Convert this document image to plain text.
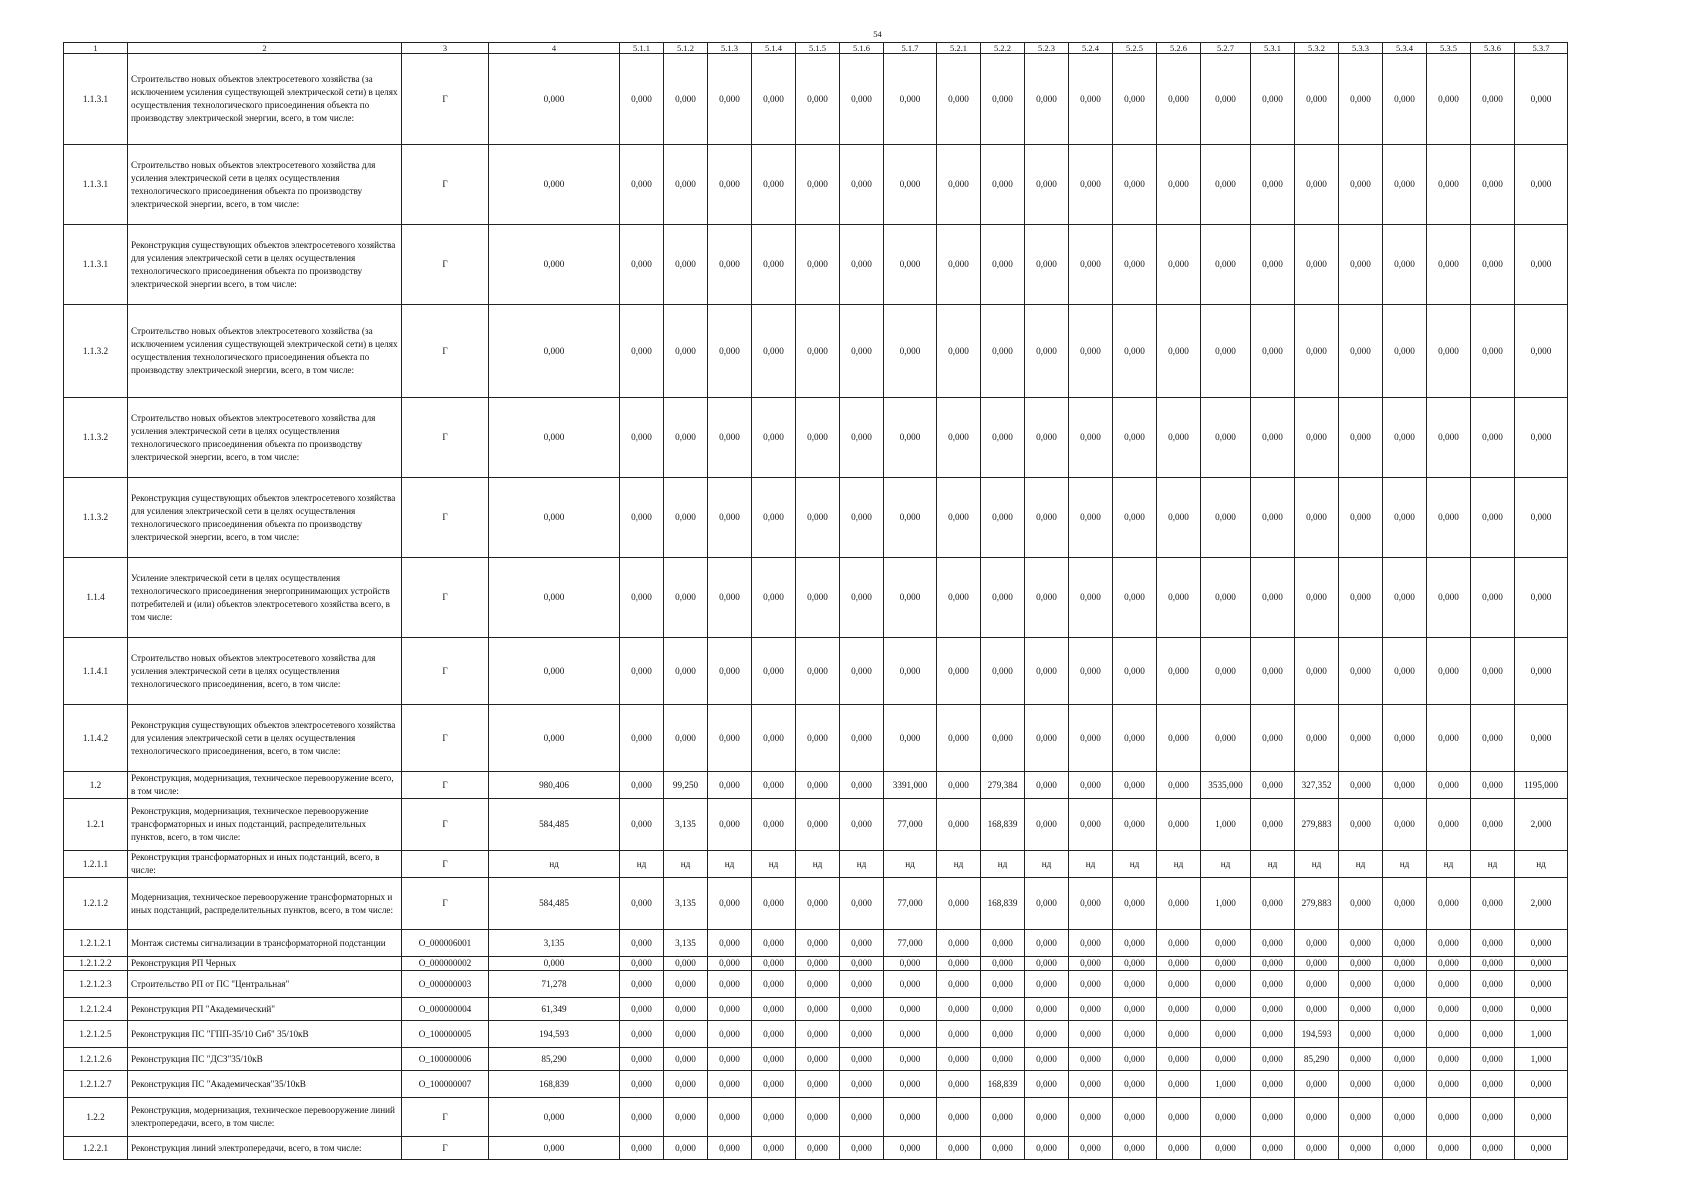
54
1	2	3	4	5.1.1	5.1.2	5.1.3	5.1.4	5.1.5	5.1.6	5.1.7	5.2.1	5.2.2	5.2.3	5.2.4	5.2.5	5.2.6	5.2.7	5.3.1	5.3.2	5.3.3	5.3.4	5.3.5	5.3.6	5.3.7
1.1.3.1	Строительство новых объектов электросетевого хозяйства (за исключением усиления существующей электрической сети) в целях осуществления технологического присоединения объекта по производству электрической энергии, всего, в том числе:	Г	0,000	0,000	0,000	0,000	0,000	0,000	0,000	0,000	0,000	0,000	0,000	0,000	0,000	0,000	0,000	0,000	0,000	0,000	0,000	0,000	0,000	0,000
1.1.3.1	Строительство новых объектов электросетевого хозяйства для усиления электрической сети в целях осуществления технологического присоединения объекта по производству электрической энергии, всего, в том числе:	Г	0,000	0,000	0,000	0,000	0,000	0,000	0,000	0,000	0,000	0,000	0,000	0,000	0,000	0,000	0,000	0,000	0,000	0,000	0,000	0,000	0,000	0,000
1.1.3.1	Реконструкция существующих объектов электросетевого хозяйства для усиления электрической сети в целях осуществления технологического присоединения объекта по производству электрической энергии всего, в том числе:	Г	0,000	0,000	0,000	0,000	0,000	0,000	0,000	0,000	0,000	0,000	0,000	0,000	0,000	0,000	0,000	0,000	0,000	0,000	0,000	0,000	0,000	0,000
1.1.3.2	Строительство новых объектов электросетевого хозяйства (за исключением усиления существующей электрической сети) в целях осуществления технологического присоединения объекта по производству электрической энергии, всего, в том числе:	Г	0,000	0,000	0,000	0,000	0,000	0,000	0,000	0,000	0,000	0,000	0,000	0,000	0,000	0,000	0,000	0,000	0,000	0,000	0,000	0,000	0,000	0,000
1.1.3.2	Строительство новых объектов электросетевого хозяйства для усиления электрической сети в целях осуществления технологического присоединения объекта по производству электрической энергии, всего, в том числе:	Г	0,000	0,000	0,000	0,000	0,000	0,000	0,000	0,000	0,000	0,000	0,000	0,000	0,000	0,000	0,000	0,000	0,000	0,000	0,000	0,000	0,000	0,000
1.1.3.2	Реконструкция существующих объектов электросетевого хозяйства для усиления электрической сети в целях осуществления технологического присоединения объекта по производству электрической энергии, всего, в том числе:	Г	0,000	0,000	0,000	0,000	0,000	0,000	0,000	0,000	0,000	0,000	0,000	0,000	0,000	0,000	0,000	0,000	0,000	0,000	0,000	0,000	0,000	0,000
1.1.4	Усиление электрической сети в целях осуществления технологического присоединения энергопринимающих устройств потребителей и (или) объектов электросетевого хозяйства всего, в том числе:	Г	0,000	0,000	0,000	0,000	0,000	0,000	0,000	0,000	0,000	0,000	0,000	0,000	0,000	0,000	0,000	0,000	0,000	0,000	0,000	0,000	0,000	0,000
1.1.4.1	Строительство новых объектов электросетевого хозяйства для усиления электрической сети в целях осуществления технологического присоединения, всего, в том числе:	Г	0,000	0,000	0,000	0,000	0,000	0,000	0,000	0,000	0,000	0,000	0,000	0,000	0,000	0,000	0,000	0,000	0,000	0,000	0,000	0,000	0,000	0,000
1.1.4.2	Реконструкция существующих объектов электросетевого хозяйства для усиления электрической сети в целях осуществления технологического присоединения, всего, в том числе:	Г	0,000	0,000	0,000	0,000	0,000	0,000	0,000	0,000	0,000	0,000	0,000	0,000	0,000	0,000	0,000	0,000	0,000	0,000	0,000	0,000	0,000	0,000
1.2	Реконструкция, модернизация, техническое перевооружение всего, в том числе:	Г	980,406	0,000	99,250	0,000	0,000	0,000	0,000	3391,000	0,000	279,384	0,000	0,000	0,000	0,000	3535,000	0,000	327,352	0,000	0,000	0,000	0,000	1195,000
1.2.1	Реконструкция, модернизация, техническое перевооружение трансформаторных и иных подстанций, распределительных пунктов, всего, в том числе:	Г	584,485	0,000	3,135	0,000	0,000	0,000	0,000	77,000	0,000	168,839	0,000	0,000	0,000	0,000	1,000	0,000	279,883	0,000	0,000	0,000	0,000	2,000
1.2.1.1	Реконструкция трансформаторных и иных подстанций, всего, в числе:	Г	нд	нд	нд	нд	нд	нд	нд	нд	нд	нд	нд	нд	нд	нд	нд	нд	нд	нд	нд	нд	нд	нд
1.2.1.2	Модернизация, техническое перевооружение трансформаторных и иных подстанций, распределительных пунктов, всего, в том числе:	Г	584,485	0,000	3,135	0,000	0,000	0,000	0,000	77,000	0,000	168,839	0,000	0,000	0,000	0,000	1,000	0,000	279,883	0,000	0,000	0,000	0,000	2,000
1.2.1.2.1	Монтаж системы сигнализации в трансформаторной подстанции	O_000006001	3,135	0,000	3,135	0,000	0,000	0,000	0,000	77,000	0,000	0,000	0,000	0,000	0,000	0,000	0,000	0,000	0,000	0,000	0,000	0,000	0,000	0,000
1.2.1.2.2	Реконструкция РП Черных	O_000000002	0,000	0,000	0,000	0,000	0,000	0,000	0,000	0,000	0,000	0,000	0,000	0,000	0,000	0,000	0,000	0,000	0,000	0,000	0,000	0,000	0,000	0,000
1.2.1.2.3	Строительство РП от ПС "Центральная"	O_000000003	71,278	0,000	0,000	0,000	0,000	0,000	0,000	0,000	0,000	0,000	0,000	0,000	0,000	0,000	0,000	0,000	0,000	0,000	0,000	0,000	0,000	0,000
1.2.1.2.4	Реконструкция РП "Академический"	O_000000004	61,349	0,000	0,000	0,000	0,000	0,000	0,000	0,000	0,000	0,000	0,000	0,000	0,000	0,000	0,000	0,000	0,000	0,000	0,000	0,000	0,000	0,000
1.2.1.2.5	Реконструкция ПС "ГПП-35/10 Сиб" 35/10кВ	O_100000005	194,593	0,000	0,000	0,000	0,000	0,000	0,000	0,000	0,000	0,000	0,000	0,000	0,000	0,000	0,000	0,000	194,593	0,000	0,000	0,000	0,000	1,000
1.2.1.2.6	Реконструкция ПС "ДСЗ"35/10кВ	O_100000006	85,290	0,000	0,000	0,000	0,000	0,000	0,000	0,000	0,000	0,000	0,000	0,000	0,000	0,000	0,000	0,000	85,290	0,000	0,000	0,000	0,000	1,000
1.2.1.2.7	Реконструкция ПС "Академическая"35/10кВ	O_100000007	168,839	0,000	0,000	0,000	0,000	0,000	0,000	0,000	0,000	168,839	0,000	0,000	0,000	0,000	1,000	0,000	0,000	0,000	0,000	0,000	0,000	0,000
1.2.2	Реконструкция, модернизация, техническое перевооружение линий электропередачи, всего, в том числе:	Г	0,000	0,000	0,000	0,000	0,000	0,000	0,000	0,000	0,000	0,000	0,000	0,000	0,000	0,000	0,000	0,000	0,000	0,000	0,000	0,000	0,000	0,000
1.2.2.1	Реконструкция линий электропередачи, всего, в том числе:	Г	0,000	0,000	0,000	0,000	0,000	0,000	0,000	0,000	0,000	0,000	0,000	0,000	0,000	0,000	0,000	0,000	0,000	0,000	0,000	0,000	0,000	0,000
